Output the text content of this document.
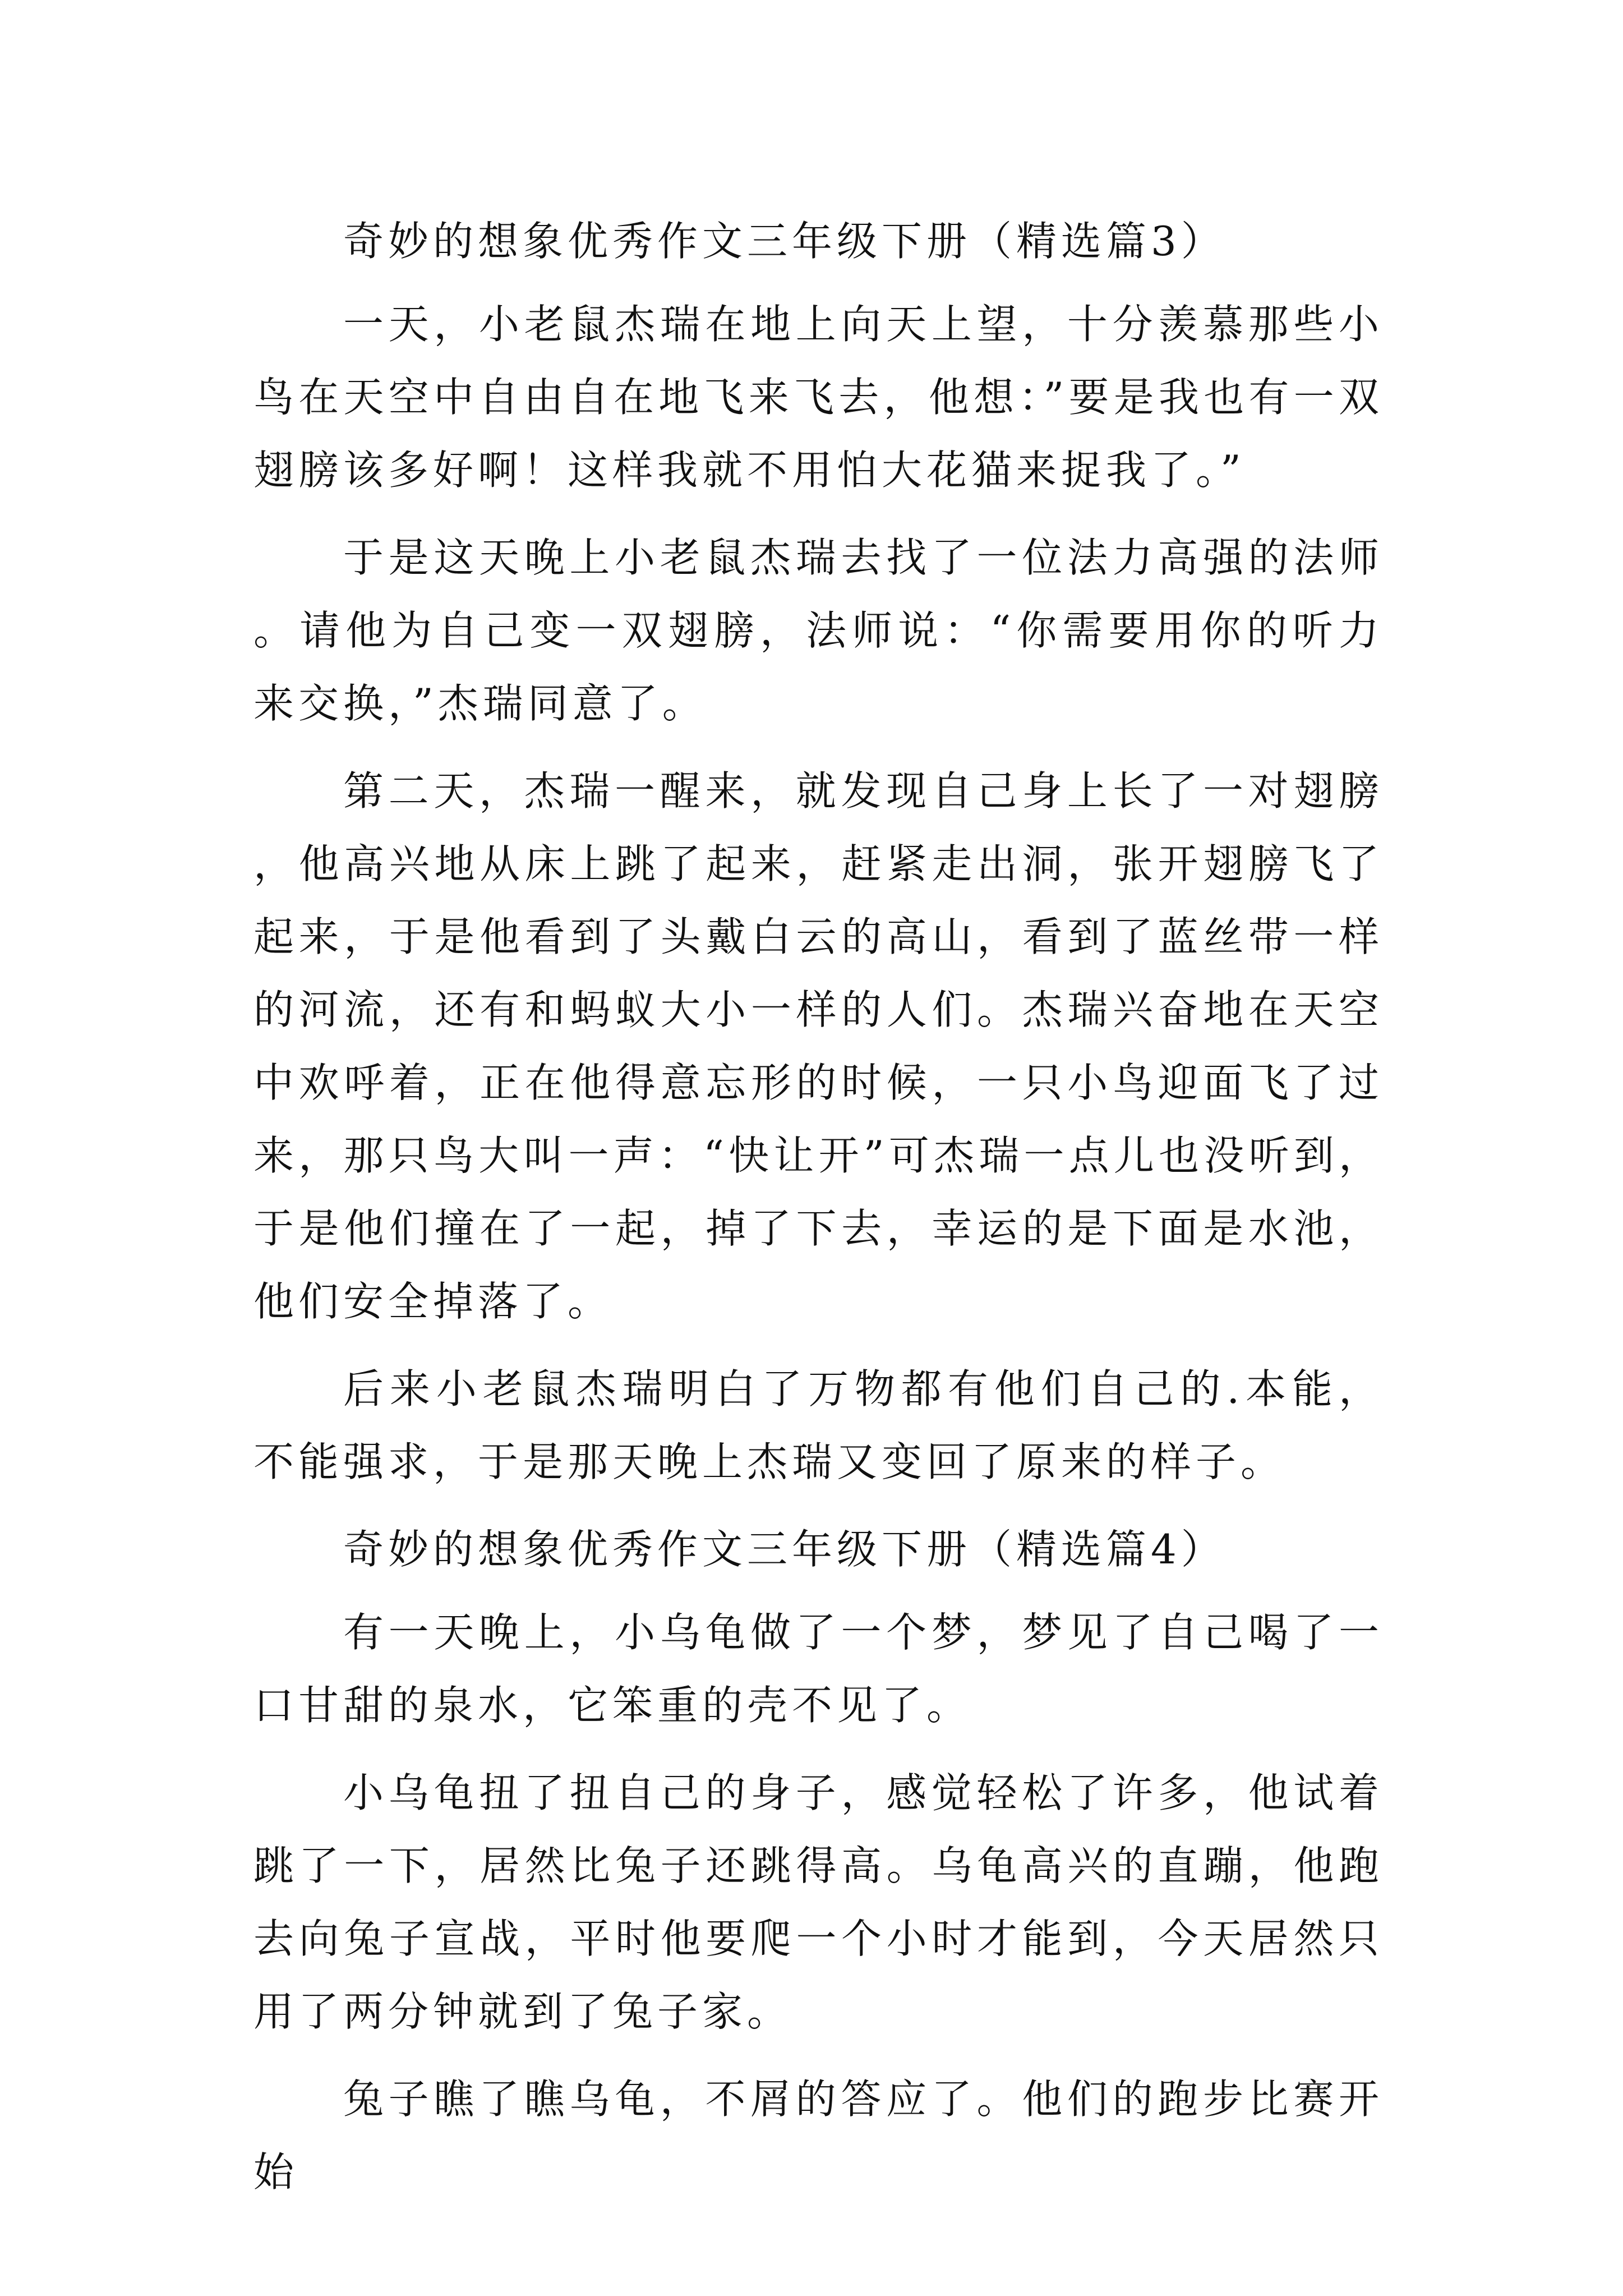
奇妙的想象优秀作文三年级下册（精选篇3）

一天，小老鼠杰瑞在地上向天上望，十分羡慕那些小鸟在天空中自由自在地飞来飞去，他想：”要是我也有一双翅膀该多好啊！这样我就不用怕大花猫来捉我了。”

于是这天晚上小老鼠杰瑞去找了一位法力高强的法师。请他为自己变一双翅膀，法师说：“你需要用你的听力来交换，”杰瑞同意了。

第二天，杰瑞一醒来，就发现自己身上长了一对翅膀，他高兴地从床上跳了起来，赶紧走出洞，张开翅膀飞了起来，于是他看到了头戴白云的高山，看到了蓝丝带一样的河流，还有和蚂蚁大小一样的人们。杰瑞兴奋地在天空中欢呼着，正在他得意忘形的时候，一只小鸟迎面飞了过来，那只鸟大叫一声：“快让开”可杰瑞一点儿也没听到，于是他们撞在了一起，掉了下去，幸运的是下面是水池，他们安全掉落了。

后来小老鼠杰瑞明白了万物都有他们自己的.本能，不能强求，于是那天晚上杰瑞又变回了原来的样子。

奇妙的想象优秀作文三年级下册（精选篇4）

有一天晚上，小乌龟做了一个梦，梦见了自己喝了一口甘甜的泉水，它笨重的壳不见了。

小乌龟扭了扭自己的身子，感觉轻松了许多，他试着跳了一下，居然比兔子还跳得高。乌龟高兴的直蹦，他跑去向兔子宣战，平时他要爬一个小时才能到，今天居然只用了两分钟就到了兔子家。

兔子瞧了瞧乌龟，不屑的答应了。他们的跑步比赛开始
